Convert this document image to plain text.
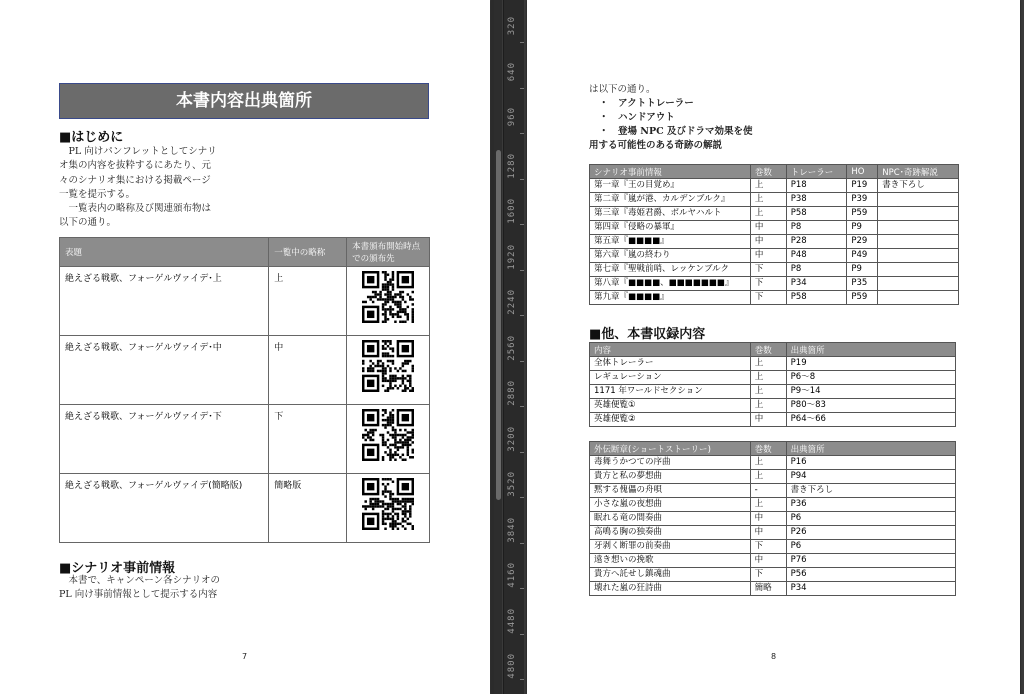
本書内容出典箇所
■はじめに
　PL 向けパンフレットとしてシナリ
オ集の内容を抜粋するにあたり、元
々のシナリオ集における掲載ページ
一覧を提示する。
　一覧表内の略称及び関連頒布物は
以下の通り。
表題	一覧中の略称	本書頒布開始時点での頒布先
絶えざる戦歌、フォーゲルヴァイデ･上	上	

絶えざる戦歌、フォーゲルヴァイデ･中	中	

絶えざる戦歌、フォーゲルヴァイデ･下	下	

絶えざる戦歌、フォーゲルヴァイデ(簡略版)	簡略版	
■シナリオ事前情報
　本書で、キャンペーン各シナリオの
PL 向け事前情報として提示する内容
7
320
640
960
1280
1600
1920
2240
2560
2880
3200
3520
3840
4160
4480
4800
は以下の通り。
・　アクトトレーラー
・　ハンドアウト
・　登場 NPC 及びドラマ効果を使
用する可能性のある奇跡の解説
シナリオ事前情報	巻数	トレーラー	HO	NPC･奇跡解説
第一章『王の目覚め』	上	P18	P19	書き下ろし
第二章『嵐が港、カルデンブルク』	上	P38	P39	
第三章『毒姫君爵、ボルヤハルト	上	P58	P59	
第四章『侵略の暴軍』	中	P8	P9	
第五章『■■■■』	中	P28	P29	
第六章『嵐の終わり	中	P48	P49	
第七章『聖戦前哨、レッケンブルク	下	P8	P9	
第八章『■■■■、■■■■■■■』	下	P34	P35	
第九章『■■■■』	下	P58	P59	
■他、本書収録内容
内容	巻数	出典箇所
全体トレーラー	上	P19
レギュレーション	上	P6～8
1171 年ワールドセクション	上	P9～14
英雄便覧①	上	P80～83
英雄便覧②	中	P64～66
外伝断章(ショートストーリー)	巻数	出典箇所
毒舞うかつての序曲	上	P16
貴方と私の夢想曲	上	P94
黙する傀儡の舟唄	-	書き下ろし
小さな嵐の夜想曲	上	P36
眠れる竜の間奏曲	中	P6
高鳴る胸の独奏曲	中	P26
牙剥く断罪の前奏曲	下	P6
遠き想いの挽歌	中	P76
貴方へ託せし鎮魂曲	下	P56
壊れた嵐の狂詩曲	簡略	P34
8
